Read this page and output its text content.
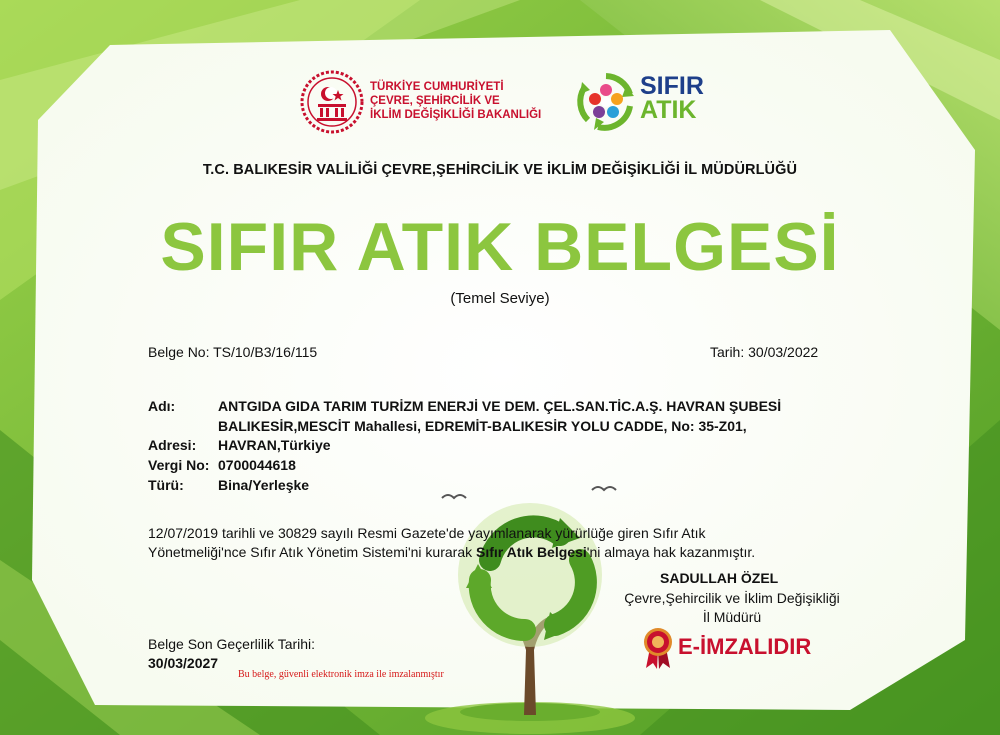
TÜRKİYE CUMHURİYETİ
ÇEVRE, ŞEHİRCİLİK VE
İKLİM DEĞİŞİKLİĞİ BAKANLIĞI
SIFIR
ATIK
T.C. BALIKESİR VALİLİĞİ ÇEVRE,ŞEHİRCİLİK VE İKLİM DEĞİŞİKLİĞİ İL MÜDÜRLÜĞÜ
SIFIR ATIK BELGESİ
(Temel Seviye)
Belge No: TS/10/B3/16/115	Tarih: 30/03/2022
Adı:	ANTGIDA GIDA TARIM TURİZM ENERJİ VE DEM. ÇEL.SAN.TİC.A.Ş. HAVRAN ŞUBESİ
BALIKESİR,MESCİT Mahallesi, EDREMİT-BALIKESİR YOLU CADDE, No: 35-Z01,
Adresi: HAVRAN,Türkiye
Vergi No: 0700044618
Türü: Bina/Yerleşke
12/07/2019 tarihli ve 30829 sayılı Resmi Gazete'de yayımlanarak yürürlüğe giren Sıfır Atık
Yönetmeliği'nce Sıfır Atık Yönetim Sistemi'ni kurarak Sıfır Atık Belgesi'ni almaya hak kazanmıştır.
SADULLAH ÖZEL
Çevre,Şehircilik ve İklim Değişikliği
İl Müdürü
Belge Son Geçerlilik Tarihi:
30/03/2027
Bu belge, güvenli elektronik imza ile imzalanmıştır
E-İMZALIDIR
